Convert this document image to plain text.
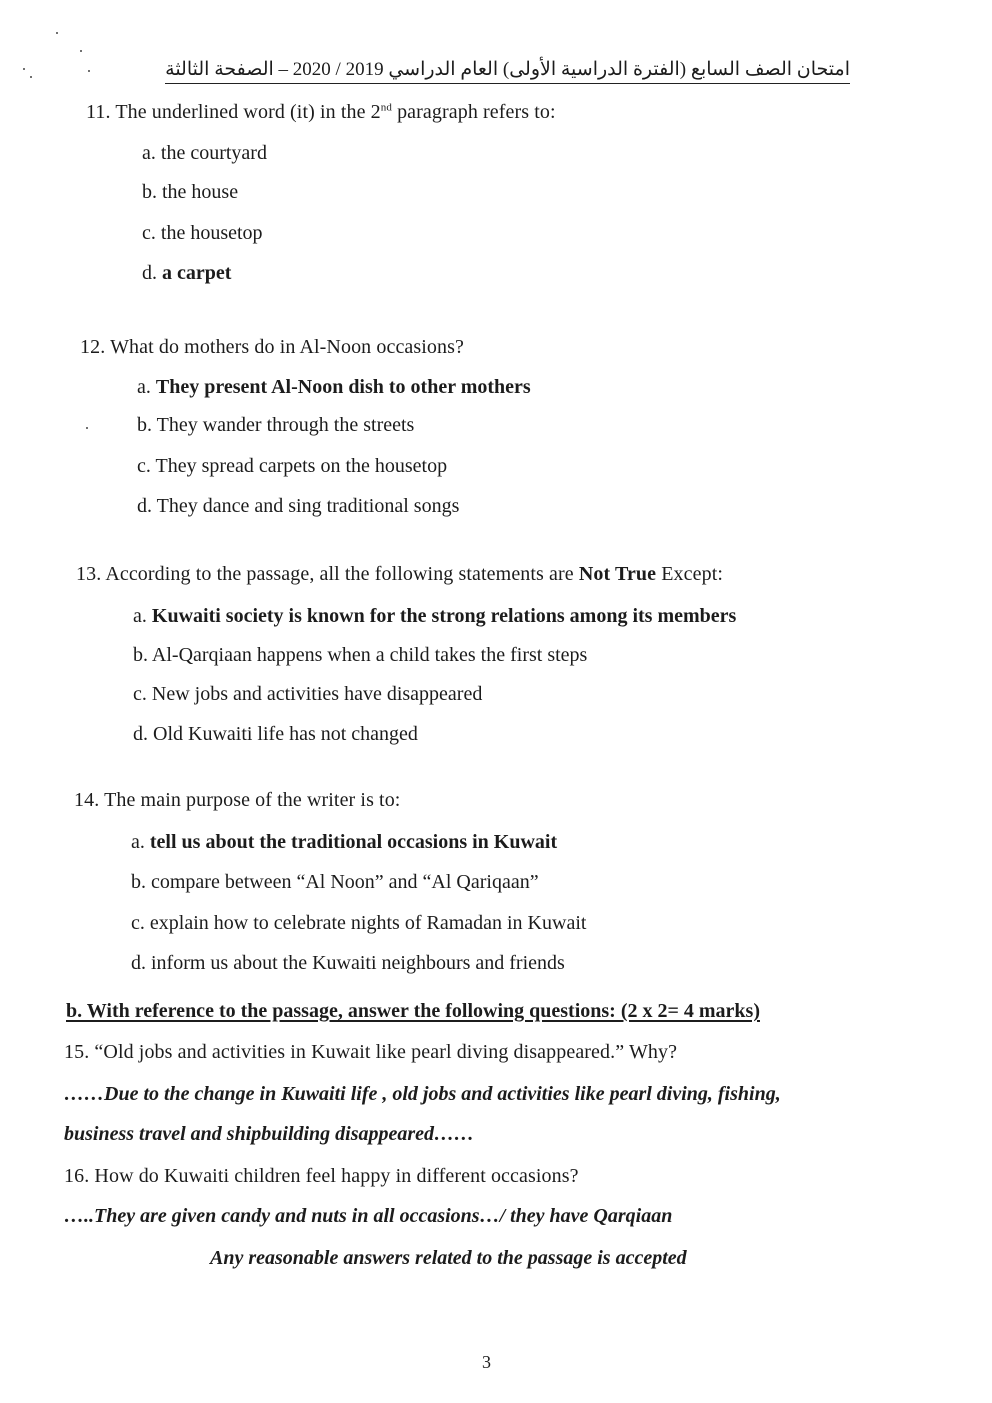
امتحان الصف السابع (الفترة الدراسية الأولى) العام الدراسي 2019 / 2020 – الصفحة الثالثة
11. The underlined word (it) in the 2nd paragraph refers to:
a. the courtyard
b. the house
c. the housetop
d. a carpet
12. What do mothers do in Al-Noon occasions?
a. They present Al-Noon dish to other mothers
b. They wander through the streets
c. They spread carpets on the housetop
d. They dance and sing traditional songs
13. According to the passage, all the following statements are Not True Except:
a. Kuwaiti society is known for the strong relations among its members
b. Al-Qarqiaan happens when a child takes the first steps
c. New jobs and activities have disappeared
d. Old Kuwaiti life has not changed
14. The main purpose of the writer is to:
a. tell us about the traditional occasions in Kuwait
b. compare between “Al Noon” and “Al Qariqaan”
c. explain how to celebrate nights of Ramadan in Kuwait
d. inform us about the Kuwaiti neighbours and friends
b. With reference to the passage, answer the following questions: (2 x 2= 4 marks)
15. “Old jobs and activities in Kuwait like pearl diving disappeared.” Why?
……Due to the change in Kuwaiti life , old jobs and activities like pearl diving, fishing,
business travel and shipbuilding disappeared……
16. How do Kuwaiti children feel happy in different occasions?
…..They are given candy and nuts in all occasions…/ they have Qarqiaan
Any reasonable answers related to the passage is accepted
3
